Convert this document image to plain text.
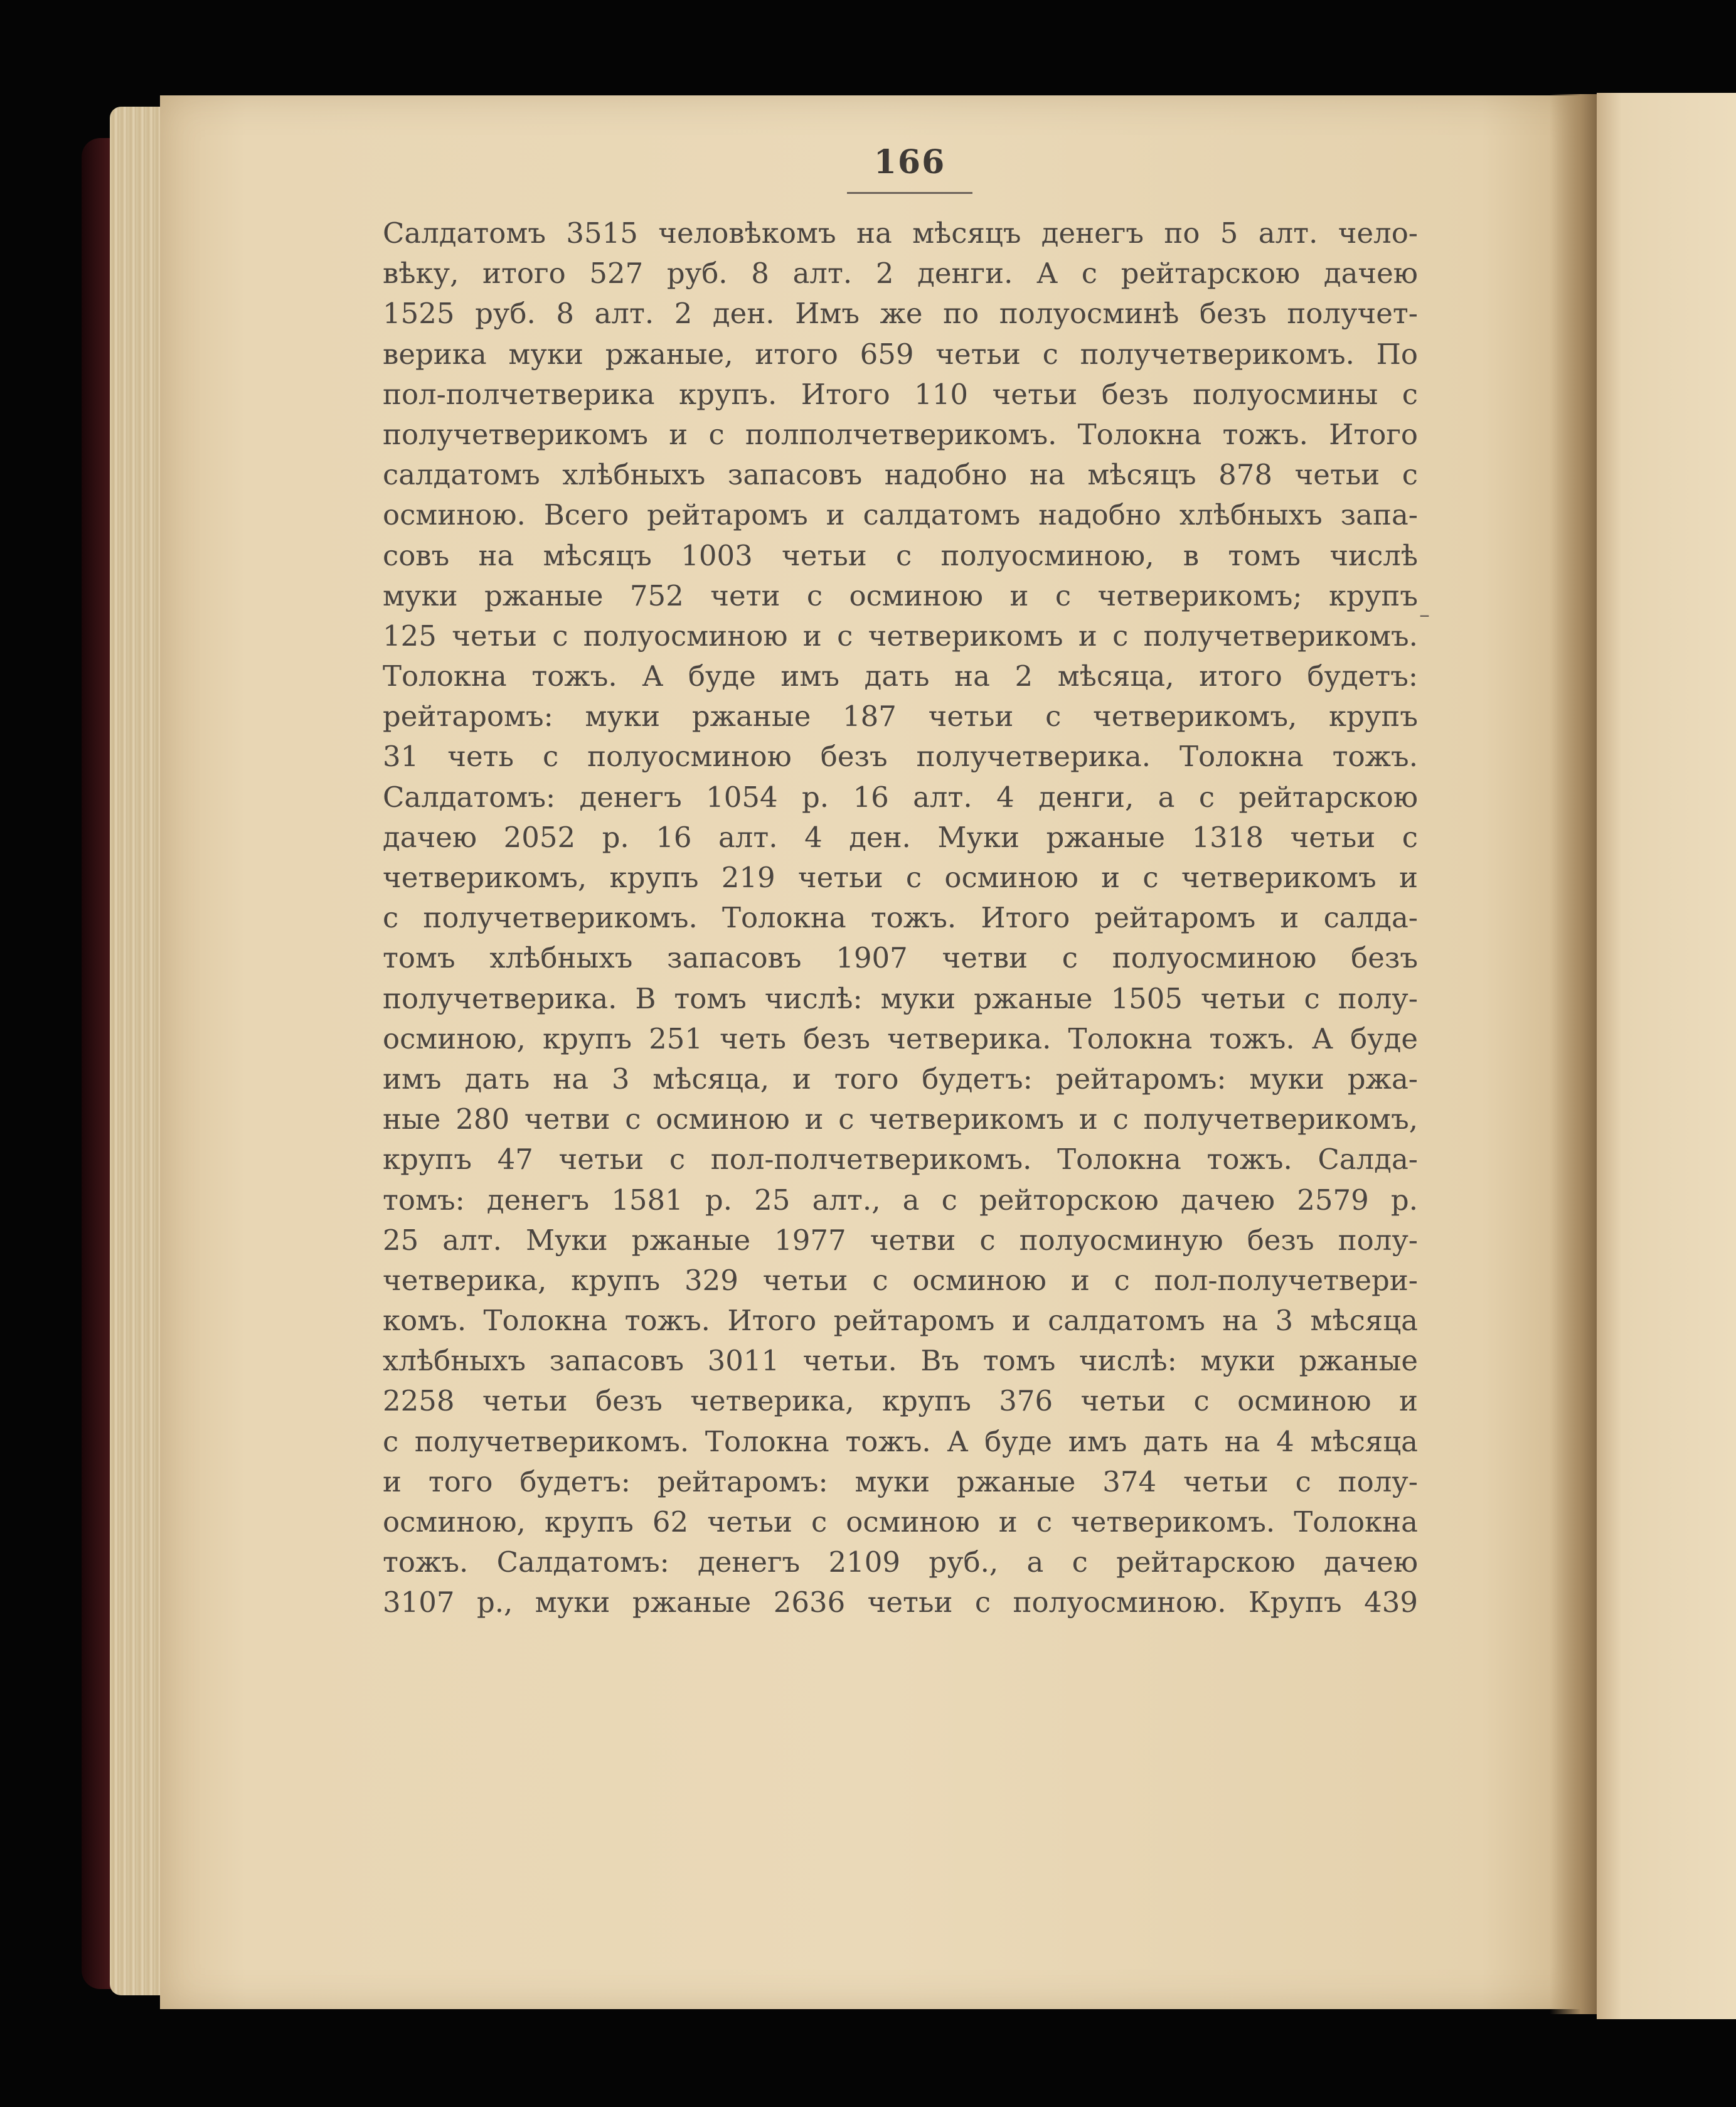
166
Салдатомъ 3515 человѣкомъ на мѣсяцъ денегъ по 5 алт. чело-
вѣку, итого 527 руб. 8 алт. 2 денги. А с рейтарскою дачею
1525 руб. 8 алт. 2 ден. Имъ же по полуосминѣ безъ получет-
верика муки ржаные, итого 659 четьи с получетверикомъ. По
пол-полчетверика крупъ. Итого 110 четьи безъ полуосмины с
получетверикомъ и с полполчетверикомъ. Толокна тожъ. Итого
салдатомъ хлѣбныхъ запасовъ надобно на мѣсяцъ 878 четьи с
осминою. Всего рейтаромъ и салдатомъ надобно хлѣбныхъ запа-
совъ на мѣсяцъ 1003 четьи с полуосминою, в томъ числѣ
муки ржаные 752 чети с осминою и с четверикомъ; крупъ
125 четьи с полуосминою и с четверикомъ и с получетверикомъ.
Толокна тожъ. А буде имъ дать на 2 мѣсяца, итого будетъ:
рейтаромъ: муки ржаные 187 четьи с четверикомъ, крупъ
31 четь с полуосминою безъ получетверика. Толокна тожъ.
Салдатомъ: денегъ 1054 р. 16 алт. 4 денги, а с рейтарскою
дачею 2052 р. 16 алт. 4 ден. Муки ржаные 1318 четьи с
четверикомъ, крупъ 219 четьи с осминою и с четверикомъ и
с получетверикомъ. Толокна тожъ. Итого рейтаромъ и салда-
томъ хлѣбныхъ запасовъ 1907 четви с полуосминою безъ
получетверика. В томъ числѣ: муки ржаные 1505 четьи с полу-
осминою, крупъ 251 четь безъ четверика. Толокна тожъ. А буде
имъ дать на 3 мѣсяца, и того будетъ: рейтаромъ: муки ржа-
ные 280 четви с осминою и с четверикомъ и с получетверикомъ,
крупъ 47 четьи с пол-полчетверикомъ. Толокна тожъ. Салда-
томъ: денегъ 1581 р. 25 алт., а с рейторскою дачею 2579 р.
25 алт. Муки ржаные 1977 четви с полуосминую безъ полу-
четверика, крупъ 329 четьи с осминою и с пол-получетвери-
комъ. Толокна тожъ. Итого рейтаромъ и салдатомъ на 3 мѣсяца
хлѣбныхъ запасовъ 3011 четьи. Въ томъ числѣ: муки ржаные
2258 четьи безъ четверика, крупъ 376 четьи с осминою и
с получетверикомъ. Толокна тожъ. А буде имъ дать на 4 мѣсяца
и того будетъ: рейтаромъ: муки ржаные 374 четьи с полу-
осминою, крупъ 62 четьи с осминою и с четверикомъ. Толокна
тожъ. Салдатомъ: денегъ 2109 руб., а с рейтарскою дачею
3107 р., муки ржаные 2636 четьи с полуосминою. Крупъ 439
–
